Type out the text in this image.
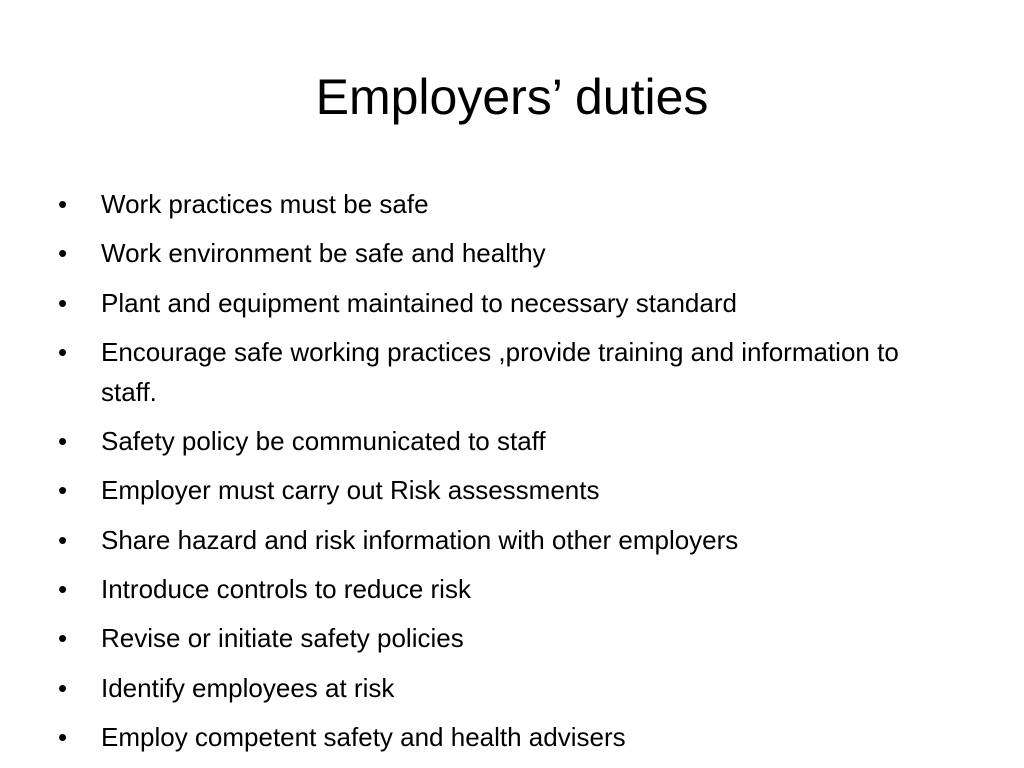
Employers’ duties
•	Work practices must be safe
•	Work environment be safe and healthy
•	Plant and equipment maintained to necessary standard
•	Encourage safe working practices ,provide training and information to staff.
•	Safety policy be communicated to staff
•	Employer must carry out Risk assessments
•	Share hazard and risk information with other employers
•	Introduce controls to reduce risk
•	Revise or initiate safety policies
•	Identify employees at risk
•	Employ competent safety and health advisers
